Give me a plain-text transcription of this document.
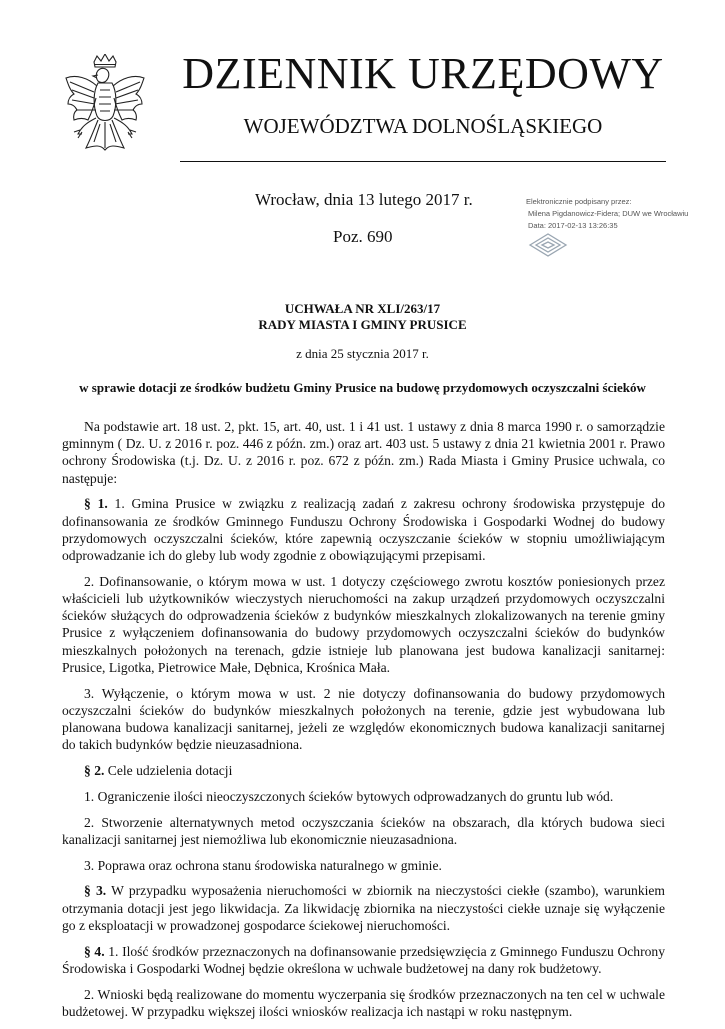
DZIENNIK URZĘDOWY
WOJEWÓDZTWA DOLNOŚLĄSKIEGO
Wrocław, dnia 13 lutego 2017 r.
Poz. 690
Elektronicznie podpisany przez:
Milena Pigdanowicz-Fidera; DUW we Wrocławiu
Data: 2017-02-13 13:26:35
UCHWAŁA NR XLI/263/17
RADY MIASTA I GMINY PRUSICE
z dnia 25 stycznia 2017 r.
w sprawie dotacji ze środków budżetu Gminy Prusice na budowę przydomowych oczyszczalni ścieków

Na podstawie art. 18 ust. 2, pkt. 15, art. 40, ust. 1 i 41 ust. 1 ustawy z dnia 8 marca 1990 r. o samorządzie gminnym ( Dz. U. z 2016 r. poz. 446 z późn. zm.) oraz art. 403 ust. 5 ustawy z dnia 21 kwietnia 2001 r. Prawo ochrony Środowiska (t.j. Dz. U. z 2016 r. poz. 672 z późn. zm.) Rada Miasta i Gminy Prusice uchwala, co następuje:

§ 1. 1. Gmina Prusice w związku z realizacją zadań z zakresu ochrony środowiska przystępuje do dofinansowania ze środków Gminnego Funduszu Ochrony Środowiska i Gospodarki Wodnej do budowy przydomowych oczyszczalni ścieków, które zapewnią oczyszczanie ścieków w stopniu umożliwiającym odprowadzanie ich do gleby lub wody zgodnie z obowiązującymi przepisami.

2. Dofinansowanie, o którym mowa w ust. 1 dotyczy częściowego zwrotu kosztów poniesionych przez właścicieli lub użytkowników wieczystych nieruchomości na zakup urządzeń przydomowych oczyszczalni ścieków służących do odprowadzenia ścieków z budynków mieszkalnych zlokalizowanych na terenie gminy Prusice z wyłączeniem dofinansowania do budowy przydomowych oczyszczalni ścieków do budynków mieszkalnych położonych na terenach, gdzie istnieje lub planowana jest budowa kanalizacji sanitarnej: Prusice, Ligotka, Pietrowice Małe, Dębnica, Krośnica Mała.

3. Wyłączenie, o którym mowa w ust. 2 nie dotyczy dofinansowania do budowy przydomowych oczyszczalni ścieków do budynków mieszkalnych położonych na terenie, gdzie jest wybudowana lub planowana budowa kanalizacji sanitarnej, jeżeli ze względów ekonomicznych budowa kanalizacji sanitarnej do takich budynków będzie nieuzasadniona.

§ 2. Cele udzielenia dotacji

1. Ograniczenie ilości nieoczyszczonych ścieków bytowych odprowadzanych do gruntu lub wód.

2. Stworzenie alternatywnych metod oczyszczania ścieków na obszarach, dla których budowa sieci kanalizacji sanitarnej jest niemożliwa lub ekonomicznie nieuzasadniona.

3. Poprawa oraz ochrona stanu środowiska naturalnego w gminie.

§ 3. W przypadku wyposażenia nieruchomości w zbiornik na nieczystości ciekłe (szambo), warunkiem otrzymania dotacji jest jego likwidacja. Za likwidację zbiornika na nieczystości ciekłe uznaje się wyłączenie go z eksploatacji w prowadzonej gospodarce ściekowej nieruchomości.

§ 4. 1. Ilość środków przeznaczonych na dofinansowanie przedsięwzięcia z Gminnego Funduszu Ochrony Środowiska i Gospodarki Wodnej będzie określona w uchwale budżetowej na dany rok budżetowy.

2. Wnioski będą realizowane do momentu wyczerpania się środków przeznaczonych na ten cel w uchwale budżetowej. W przypadku większej ilości wniosków realizacja ich nastąpi w roku następnym.
